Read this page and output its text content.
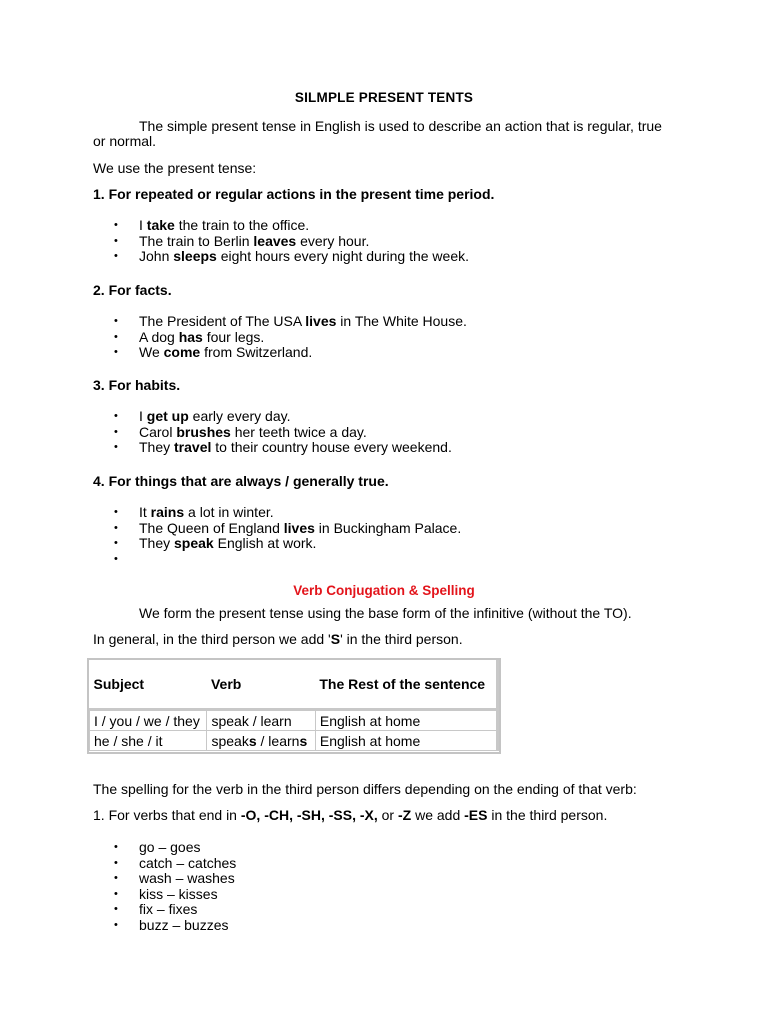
SILMPLE PRESENT TENTS
The simple present tense in English is used to describe an action that is regular, true
or normal.
We use the present tense:
1. For repeated or regular actions in the present time period.
• I take the train to the office.
• The train to Berlin leaves every hour.
• John sleeps eight hours every night during the week.
2. For facts.
• The President of The USA lives in The White House.
• A dog has four legs.
• We come from Switzerland.
3. For habits.
• I get up early every day.
• Carol brushes her teeth twice a day.
• They travel to their country house every weekend.
4. For things that are always / generally true.
• It rains a lot in winter.
• The Queen of England lives in Buckingham Palace.
• They speak English at work.
•
Verb Conjugation & Spelling
We form the present tense using the base form of the infinitive (without the TO).
In general, in the third person we add 'S' in the third person.
Subject	Verb	The Rest of the sentence
I / you / we / they	speak / learn	English at home
he / she / it	speaks / learns	English at home
The spelling for the verb in the third person differs depending on the ending of that verb:
1. For verbs that end in -O, -CH, -SH, -SS, -X, or -Z we add -ES in the third person.
• go – goes
• catch – catches
• wash – washes
• kiss – kisses
• fix – fixes
• buzz – buzzes
